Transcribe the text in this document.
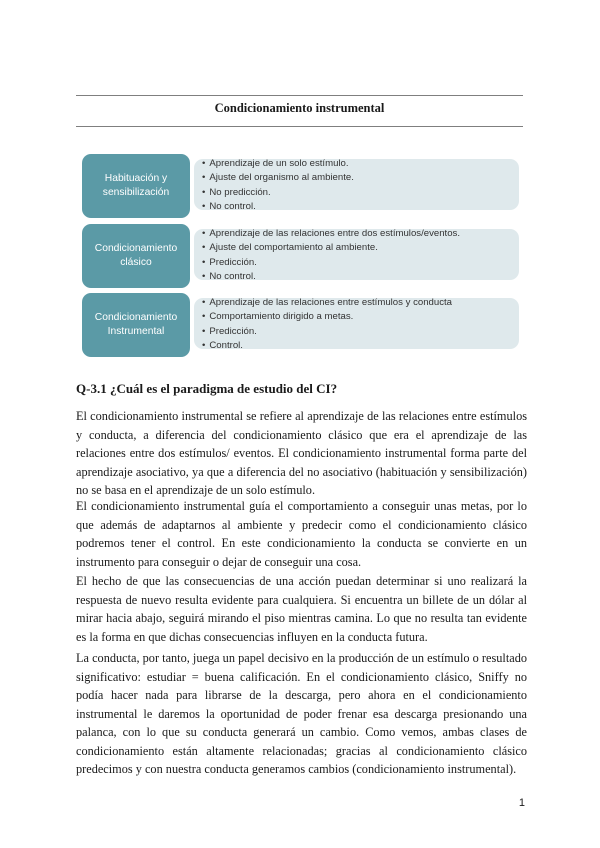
Condicionamiento instrumental
Habituación y sensibilización
• Aprendizaje de un solo estímulo.
• Ajuste del organismo al ambiente.
• No predicción.
• No control.
Condicionamiento clásico
• Aprendizaje de las relaciones entre dos estímulos/eventos.
• Ajuste del comportamiento al ambiente.
• Predicción.
• No control.
Condicionamiento Instrumental
• Aprendizaje de las relaciones entre estímulos y conducta
• Comportamiento dirigido a metas.
• Predicción.
• Control.
Q-3.1 ¿Cuál es el paradigma de estudio del CI?

El condicionamiento instrumental se refiere al aprendizaje de las relaciones entre estímulos y conducta, a diferencia del condicionamiento clásico que era el aprendizaje de las relaciones entre dos estímulos/ eventos. El condicionamiento instrumental forma parte del aprendizaje asociativo, ya que a diferencia del no asociativo (habituación y sensibilización) no se basa en el aprendizaje de un solo estímulo.

El condicionamiento instrumental guía el comportamiento a conseguir unas metas, por lo que además de adaptarnos al ambiente y predecir como el condicionamiento clásico podremos tener el control. En este condicionamiento la conducta se convierte en un instrumento para conseguir o dejar de conseguir una cosa.

El hecho de que las consecuencias de una acción puedan determinar si uno realizará la respuesta de nuevo resulta evidente para cualquiera. Si encuentra un billete de un dólar al mirar hacia abajo, seguirá mirando el piso mientras camina. Lo que no resulta tan evidente es la forma en que dichas consecuencias influyen en la conducta futura.

La conducta, por tanto, juega un papel decisivo en la producción de un estímulo o resultado significativo: estudiar = buena calificación. En el condicionamiento clásico, Sniffy no podía hacer nada para librarse de la descarga, pero ahora en el condicionamiento instrumental le daremos la oportunidad de poder frenar esa descarga presionando una palanca, con lo que su conducta generará un cambio. Como vemos, ambas clases de condicionamiento están altamente relacionadas; gracias al condicionamiento clásico predecimos y con nuestra conducta generamos cambios (condicionamiento instrumental).

1
